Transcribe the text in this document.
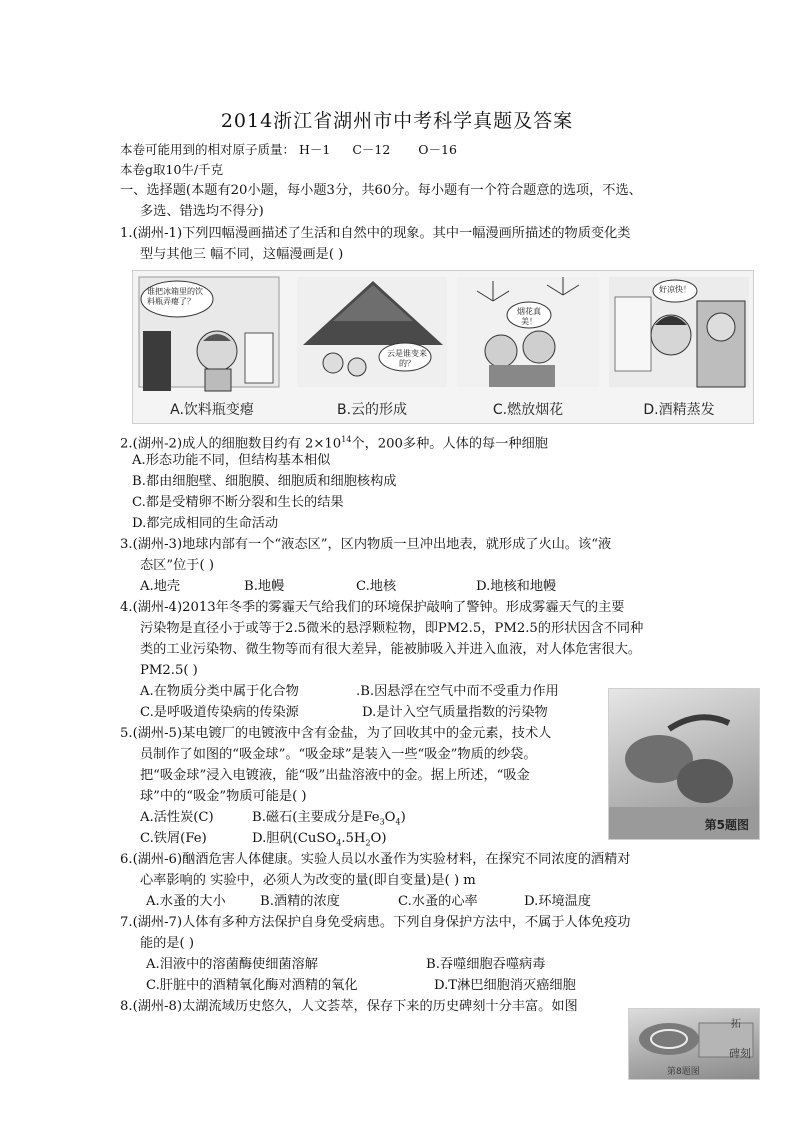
2014浙江省湖州市中考科学真题及答案
本卷可能用到的相对原子质量： H－1 C－12 O－16
本卷g取10牛/千克
一、选择题(本题有20小题，每小题3分，共60分。每小题有一个符合题意的选项，不选、
多选、错选均不得分)
1.(湖州-1)下列四幅漫画描述了生活和自然中的现象。其中一幅漫画所描述的物质变化类
型与其他三 幅不同，这幅漫画是( )
谁把冰箱里的饮料瓶弄瘪了？
A.饮料瓶变瘪
云是谁变来的？
B.云的形成
烟花真美！
C.燃放烟花
好凉快！
D.酒精蒸发
2.(湖州-2)成人的细胞数目约有 $2\times 10^{14}$个，200多种。人体的每一种细胞
A.形态功能不同，但结构基本相似
B.都由细胞壁、细胞膜、细胞质和细胞核构成
C.都是受精卵不断分裂和生长的结果
D.都完成相同的生命活动
3.(湖州-3)地球内部有一个“液态区”，区内物质一旦冲出地表，就形成了火山。该“液
态区”位于( )
A.地壳	B.地幔	C.地核	D.地核和地幔
4.(湖州-4)2013年冬季的雾霾天气给我们的环境保护敲响了警钟。形成雾霾天气的主要
污染物是直径小于或等于2.5微米的悬浮颗粒物，即PM2.5，PM2.5的形状因含不同种
类的工业污染物、微生物等而有很大差异，能被肺吸入并进入血液，对人体危害很大。
PM2.5( )
A.在物质分类中属于化合物	.B.因悬浮在空气中而不受重力作用
C.是呼吸道传染病的传染源	D.是计入空气质量指数的污染物
第5题图
5.(湖州-5)某电镀厂的电镀液中含有金盐，为了回收其中的金元素，技术人
员制作了如图的“吸金球”。“吸金球”是装入一些“吸金”物质的纱袋。
把“吸金球”浸入电镀液，能“吸”出盐溶液中的金。据上所述，“吸金
球”中的“吸金”物质可能是( )
A.活性炭(C)	B.磁石(主要成分是$Fe_3O_4$)
C.铁屑(Fe)	D.胆矾$(CuSO_4.5H_2O)$
6.(湖州-6)酗酒危害人体健康。实验人员以水蚤作为实验材料，在探究不同浓度的酒精对
心率影响的 实验中，必须人为改变的量(即自变量)是( ) m
A.水蚤的大小	B.酒精的浓度	C.水蚤的心率	D.环境温度
7.(湖州-7)人体有多种方法保护自身免受病患。下列自身保护方法中，不属于人体免疫功
能的是( )
A.泪液中的溶菌酶使细菌溶解	B.吞噬细胞吞噬病毒
C.肝脏中的酒精氧化酶对酒精的氧化	D.T淋巴细胞消灭癌细胞
8.(湖州-8)太湖流域历史悠久，人文荟萃，保存下来的历史碑刻十分丰富。如图
拓
碑刻
第8题图
